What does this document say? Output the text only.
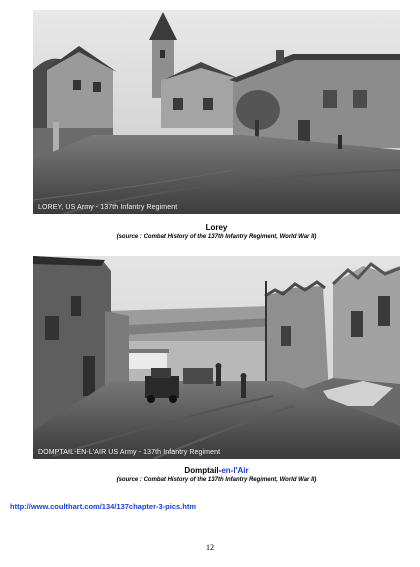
LOREY, US Army - 137th Infantry Regiment
Lorey
(source : Combat History of the 137th Infantry Regiment, World War II)
DOMPTAIL-EN-L'AIR US Army - 137th Infantry Regiment
Domptail-en-l'Air
(source : Combat History of the 137th Infantry Regiment, World War II)
http://www.coulthart.com/134/137chapter-3-pics.htm
12
